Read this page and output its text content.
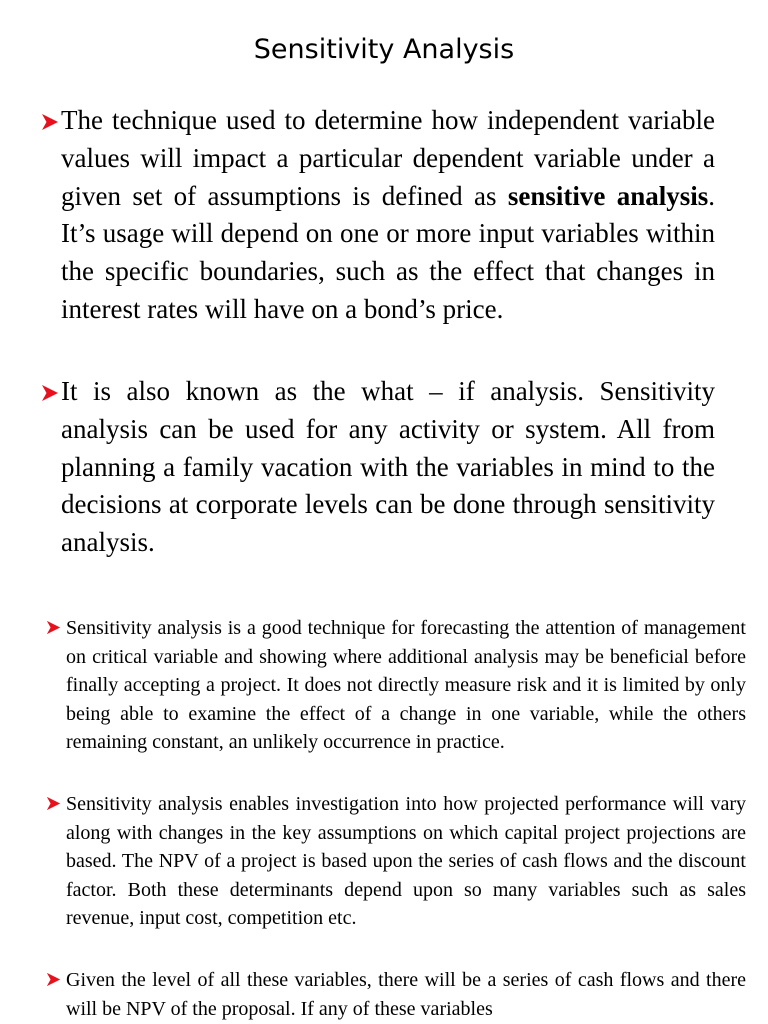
Sensitivity Analysis

The technique used to determine how independent variable values will impact a particular dependent variable under a given set of assumptions is defined as sensitive analysis. It’s usage will depend on one or more input variables within the specific boundaries, such as the effect that changes in interest rates will have on a bond’s price.

It is also known as the what – if analysis. Sensitivity analysis can be used for any activity or system. All from planning a family vacation with the variables in mind to the decisions at corporate levels can be done through sensitivity analysis.

Sensitivity analysis is a good technique for forecasting the attention of management on critical variable and showing where additional analysis may be beneficial before finally accepting a project. It does not directly measure risk and it is limited by only being able to examine the effect of a change in one variable, while the others remaining constant, an unlikely occurrence in practice.

Sensitivity analysis enables investigation into how projected performance will vary along with changes in the key assumptions on which capital project projections are based. The NPV of a project is based upon the series of cash flows and the discount factor. Both these determinants depend upon so many variables such as sales revenue, input cost, competition etc.

Given the level of all these variables, there will be a series of cash flows and there will be NPV of the proposal. If any of these variables
